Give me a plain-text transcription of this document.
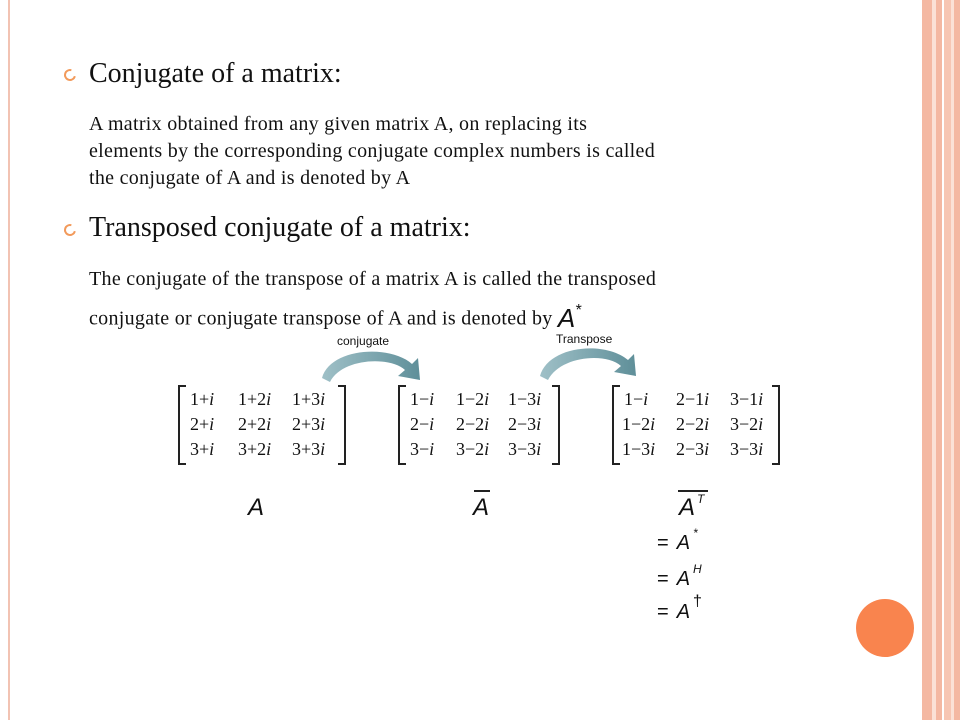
Conjugate of a matrix:
A matrix obtained from any given matrix A, on replacing its
elements by the corresponding conjugate complex numbers is called
the conjugate of A and is denoted by A
Transposed conjugate of a matrix:
The conjugate of the transpose of a matrix A is called the transposed
conjugate or conjugate transpose of A and is denoted by A*
conjugate	Transpose
1+i 1+2i 1+3i
2+i 2+2i 2+3i
3+i 3+2i 3+3i
A
1−i 1−2i 1−3i
2−i 2−2i 2−3i
3−i 3−2i 3−3i
A
1−i 2−1i 3−1i
1−2i 2−2i 3−2i
1−3i 2−3i 3−3i
A $^T$
= A *
= A $^H$
= A †
